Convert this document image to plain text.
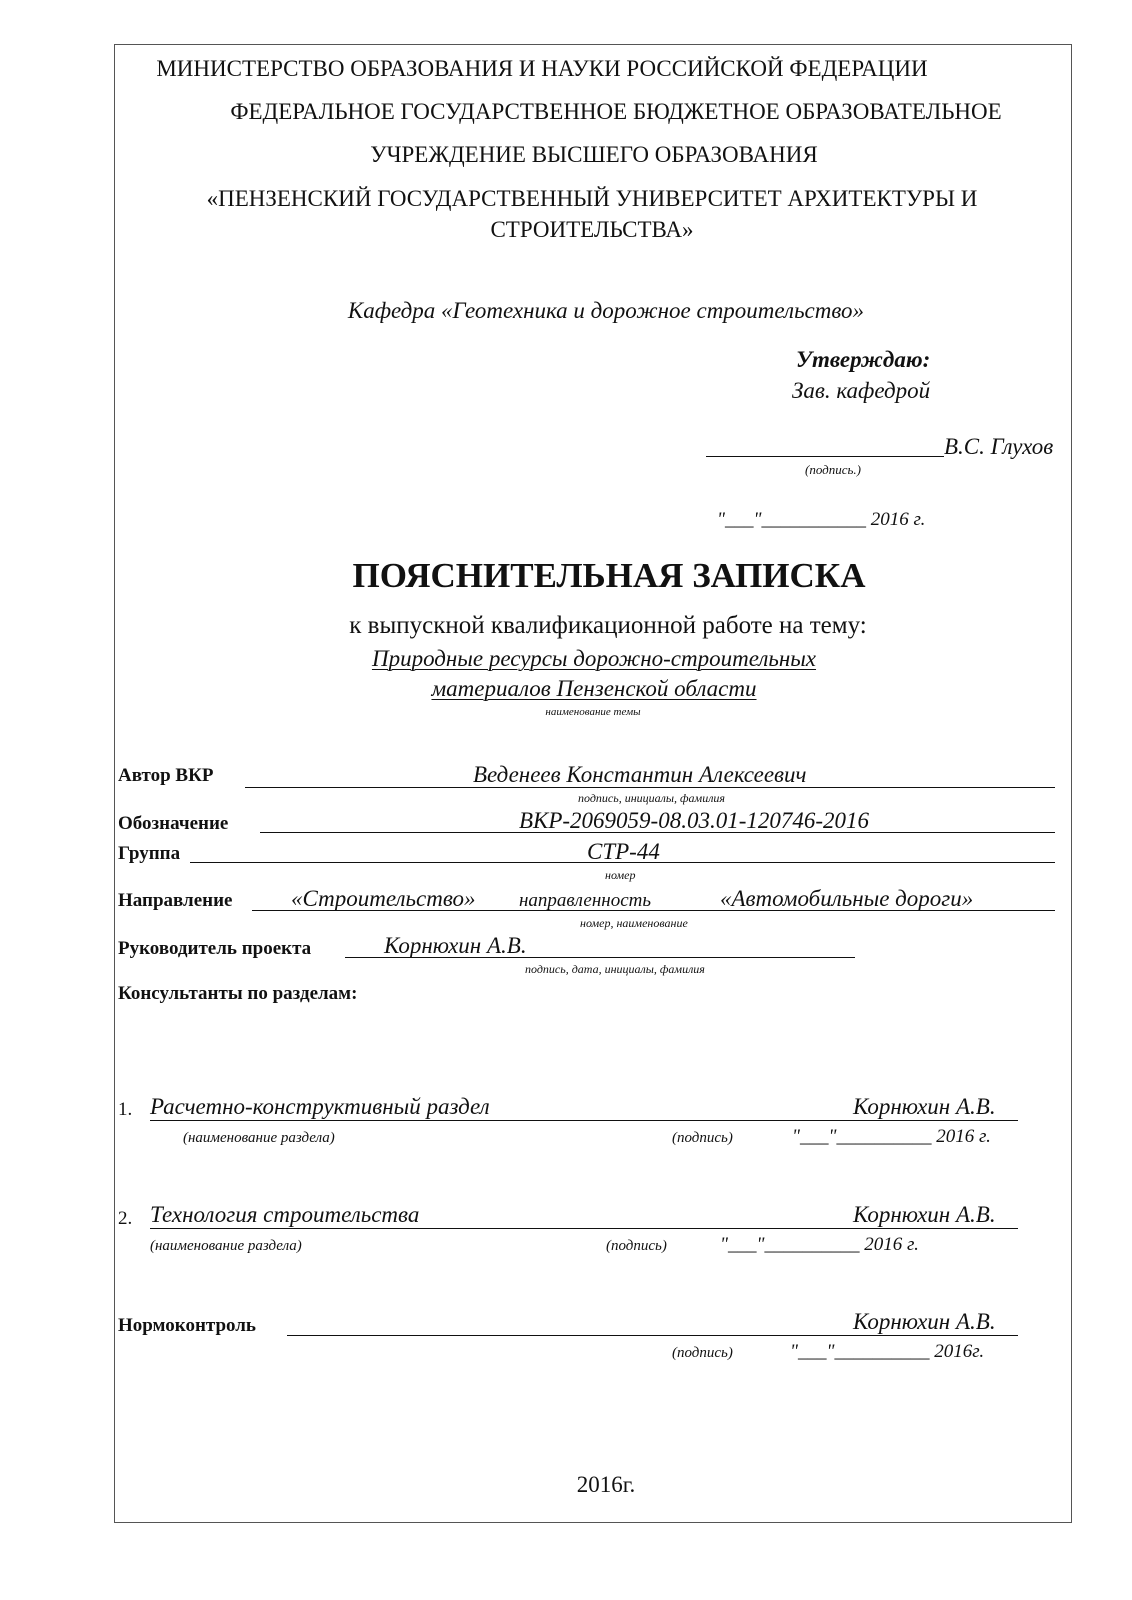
МИНИСТЕРСТВО ОБРАЗОВАНИЯ И НАУКИ РОССИЙСКОЙ ФЕДЕРАЦИИ
ФЕДЕРАЛЬНОЕ ГОСУДАРСТВЕННОЕ БЮДЖЕТНОЕ ОБРАЗОВАТЕЛЬНОЕ
УЧРЕЖДЕНИЕ ВЫСШЕГО ОБРАЗОВАНИЯ
«ПЕНЗЕНСКИЙ ГОСУДАРСТВЕННЫЙ УНИВЕРСИТЕТ АРХИТЕКТУРЫ И
СТРОИТЕЛЬСТВА»
Кафедра «Геотехника и дорожное строительство»
Утверждаю:
Зав. кафедрой
В.С. Глухов
(подпись.)
"___"___________ 2016 г.
ПОЯСНИТЕЛЬНАЯ ЗАПИСКА
к выпускной квалификационной работе на тему:
Природные ресурсы дорожно-строительных
материалов Пензенской области
наименование темы
Автор ВКР	Веденеев Константин Алексеевич
подпись, инициалы, фамилия
Обозначение	ВКР-2069059-08.03.01-120746-2016
Группа	СТР-44
номер
Направление	«Строительство» направленность	«Автомобильные дороги»
номер, наименование
Руководитель проекта	Корнюхин А.В.
подпись, дата, инициалы, фамилия
Консультанты по разделам:
1. Расчетно-конструктивный раздел	Корнюхин А.В.
(наименование раздела)	(подпись)	"___"__________ 2016 г.
2. Технология строительства	Корнюхин А.В.
(наименование раздела)	(подпись)	"___"__________ 2016 г.
Нормоконтроль	Корнюхин А.В.
(подпись)	"___"__________ 2016г.
2016г.
